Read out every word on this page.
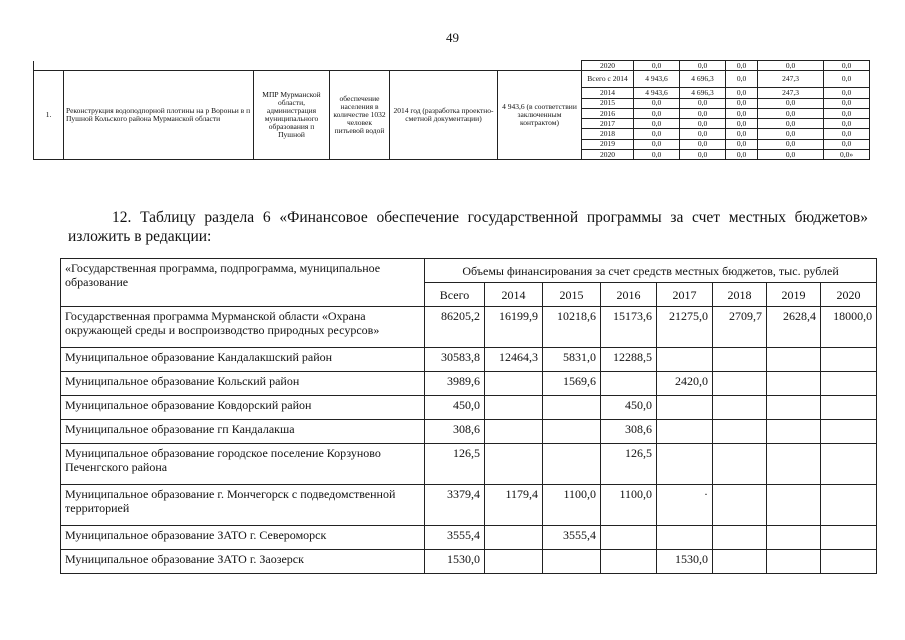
49
						2020	0,0	0,0	0,0	0,0	0,0
1.	Реконструкция водоподпорной плотины на р Вороньи в п Пушной Кольского района Мурманской области	МПР Мурманской области, администрация муниципального образования п Пушной	обеспечение населения в количестве 1032 человек питьевой водой	2014 год (разработка проектно-сметной документации)	4 943,6 (в соответствии заключенным контрактом)	Всего с 2014	4 943,6	4 696,3	0,0	247,3	0,0
						2014	4 943,6	4 696,3	0,0	247,3	0,0
						2015	0,0	0,0	0,0	0,0	0,0
						2016	0,0	0,0	0,0	0,0	0,0
						2017	0,0	0,0	0,0	0,0	0,0
						2018	0,0	0,0	0,0	0,0	0,0
						2019	0,0	0,0	0,0	0,0	0,0
						2020	0,0	0,0	0,0	0,0	0,0»
12. Таблицу раздела 6 «Финансовое обеспечение государственной программы за счет местных бюджетов» изложить в редакции:
«Государственная программа, подпрограмма, муниципальное образование	Объемы финансирования за счет средств местных бюджетов, тыс. рублей							
	Всего	2014	2015	2016	2017	2018	2019	2020
Государственная программа Мурманской области «Охрана окружающей среды и воспроизводство природных ресурсов»	86205,2	16199,9	10218,6	15173,6	21275,0	2709,7	2628,4	18000,0
Муниципальное образование Кандалакшский район	30583,8	12464,3	5831,0	12288,5				
Муниципальное образование Кольский район	3989,6		1569,6		2420,0			
Муниципальное образование Ковдорский район	450,0			450,0				
Муниципальное образование гп Кандалакша	308,6			308,6				
Муниципальное образование городское поселение Корзуново Печенгского района	126,5			126,5				
Муниципальное образование г. Мончегорск с подведомственной территорией	3379,4	1179,4	1100,0	1100,0	·			
Муниципальное образование ЗАТО г. Североморск	3555,4		3555,4					
Муниципальное образование ЗАТО г. Заозерск	1530,0				1530,0			
